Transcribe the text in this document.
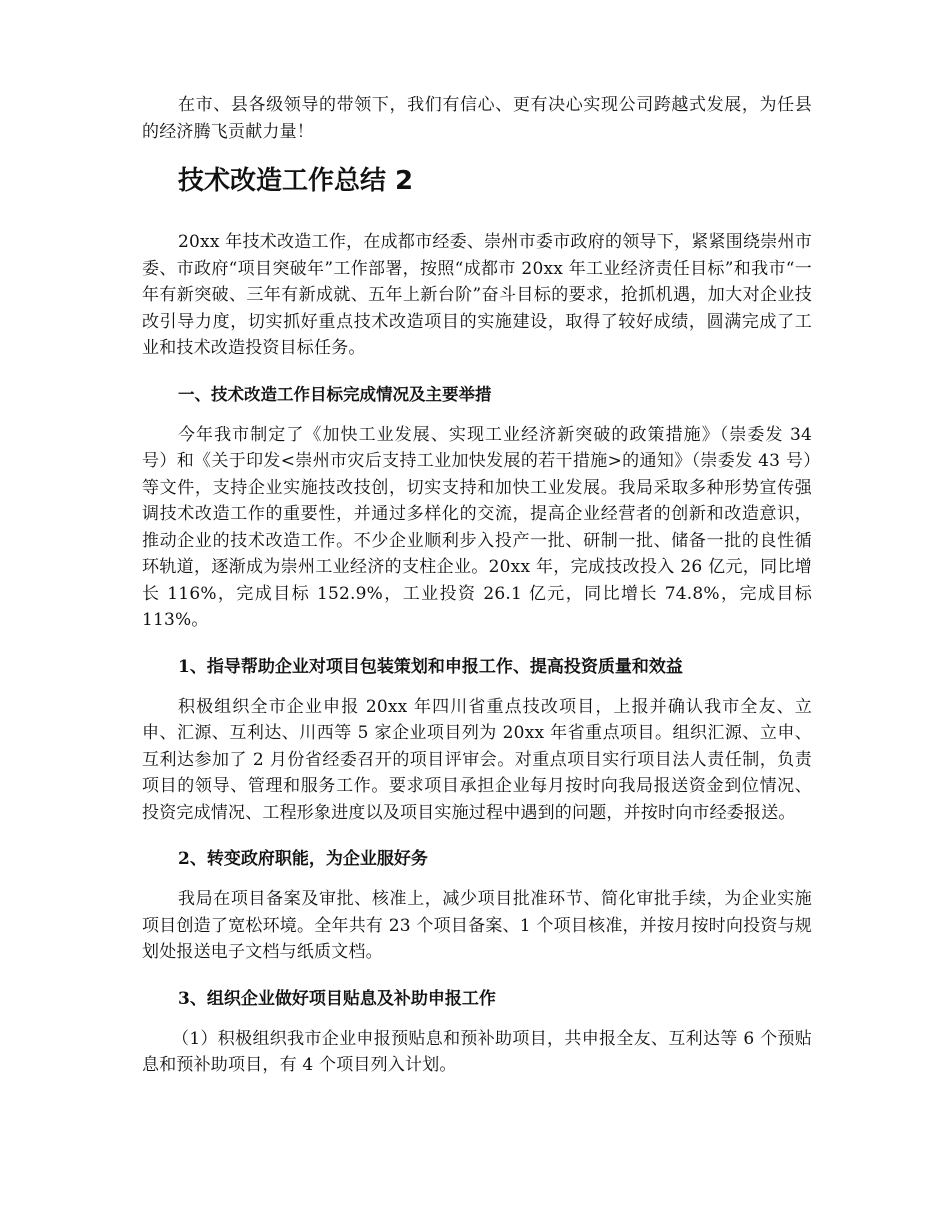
在市、县各级领导的带领下，我们有信心、更有决心实现公司跨越式发展，为任县的经济腾飞贡献力量！

技术改造工作总结 2

20xx 年技术改造工作，在成都市经委、崇州市委市政府的领导下，紧紧围绕崇州市委、市政府“项目突破年”工作部署，按照“成都市 20xx 年工业经济责任目标”和我市“一年有新突破、三年有新成就、五年上新台阶”奋斗目标的要求，抢抓机遇，加大对企业技改引导力度，切实抓好重点技术改造项目的实施建设，取得了较好成绩，圆满完成了工业和技术改造投资目标任务。

一、技术改造工作目标完成情况及主要举措

今年我市制定了《加快工业发展、实现工业经济新突破的政策措施》（崇委发 34 号）和《关于印发<崇州市灾后支持工业加快发展的若干措施>的通知》（崇委发 43 号）等文件，支持企业实施技改技创，切实支持和加快工业发展。我局采取多种形势宣传强调技术改造工作的重要性，并通过多样化的交流，提高企业经营者的创新和改造意识，推动企业的技术改造工作。不少企业顺利步入投产一批、研制一批、储备一批的良性循环轨道，逐渐成为崇州工业经济的支柱企业。20xx 年，完成技改投入 26 亿元，同比增长 116%，完成目标 152.9%，工业投资 26.1 亿元，同比增长 74.8%，完成目标 113%。

1、指导帮助企业对项目包装策划和申报工作、提高投资质量和效益

积极组织全市企业申报 20xx 年四川省重点技改项目，上报并确认我市全友、立申、汇源、互利达、川西等 5 家企业项目列为 20xx 年省重点项目。组织汇源、立申、互利达参加了 2 月份省经委召开的项目评审会。对重点项目实行项目法人责任制，负责项目的领导、管理和服务工作。要求项目承担企业每月按时向我局报送资金到位情况、投资完成情况、工程形象进度以及项目实施过程中遇到的问题，并按时向市经委报送。

2、转变政府职能，为企业服好务

我局在项目备案及审批、核准上，减少项目批准环节、简化审批手续，为企业实施项目创造了宽松环境。全年共有 23 个项目备案、1 个项目核准，并按月按时向投资与规划处报送电子文档与纸质文档。

3、组织企业做好项目贴息及补助申报工作

（1）积极组织我市企业申报预贴息和预补助项目，共申报全友、互利达等 6 个预贴息和预补助项目，有 4 个项目列入计划。
